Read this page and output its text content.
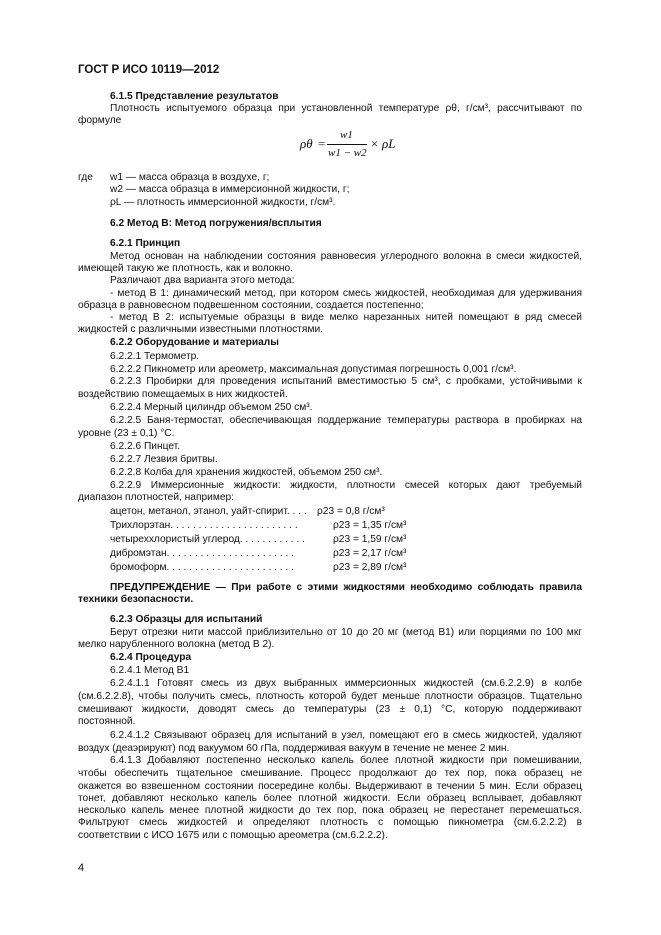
ГОСТ Р ИСО 10119—2012
6.1.5 Представление результатов
Плотность испытуемого образца при установленной температуре ρθ, г/см³, рассчитывают по
формуле
ρθ =
w1
w1 − w2
× ρL
где w1 — масса образца в воздухе, г;
w2 — масса образца в иммерсионной жидкости, г;
ρL — плотность иммерсионной жидкости, г/см³.
6.2 Метод В: Метод погружения/всплытия
6.2.1 Принцип
Метод основан на наблюдении состояния равновесия углеродного волокна в смеси жидкостей,
имеющей такую же плотность, как и волокно.
Различают два варианта этого метода:
- метод В 1: динамический метод, при котором смесь жидкостей, необходимая для удерживания
образца в равновесном подвешенном состоянии, создается постепенно;
- метод В 2: испытуемые образцы в виде мелко нарезанных нитей помещают в ряд смесей
жидкостей с различными известными плотностями.
6.2.2 Оборудование и материалы
6.2.2.1 Термометр.
6.2.2.2 Пикнометр или ареометр, максимальная допустимая погрешность 0,001 г/см³.
6.2.2.3 Пробирки для проведения испытаний вместимостью 5 см³, с пробками, устойчивыми к
воздействию помещаемых в них жидкостей.
6.2.2.4 Мерный цилиндр объемом 250 см³.
6.2.2.5 Баня-термостат, обеспечивающая поддержание температуры раствора в пробирках на
уровне (23 ± 0,1) °С.
6.2.2.6 Пинцет.
6.2.2.7 Лезвия бритвы.
6.2.2.8 Колба для хранения жидкостей, объемом 250 см³.
6.2.2.9 Иммерсионные жидкости: жидкости, плотности смесей которых дают требуемый
диапазон плотностей, например:
ацетон, метанол, этанол, уайт-спирит. . . . ρ23 = 0,8 г/см³
Трихлорэтан. . . . . . . . . . . . . . . . . . . . . . .	ρ23 = 1,35 г/см³
четыреххлористый углерод. . . . . . . . . . . .	ρ23 = 1,59 г/см³
дибромэтан. . . . . . . . . . . . . . . . . . . . . . .	ρ23 = 2,17 г/см³
бромоформ. . . . . . . . . . . . . . . . . . . . . . .	ρ23 = 2,89 г/см³
ПРЕДУПРЕЖДЕНИЕ — При работе с этими жидкостями необходимо соблюдать правила
техники безопасности.
6.2.3 Образцы для испытаний
Берут отрезки нити массой приблизительно от 10 до 20 мг (метод В1) или порциями по 100 мкг
мелко нарубленного волокна (метод В 2).
6.2.4 Процедура
6.2.4.1 Метод В1
6.2.4.1.1 Готовят смесь из двух выбранных иммерсионных жидкостей (см.6.2.2.9) в колбе
(см.6.2.2.8), чтобы получить смесь, плотность которой будет меньше плотности образцов. Тщательно
смешивают жидкости, доводят смесь до температуры (23 ± 0,1) °С, которую поддерживают
постоянной.
6.2.4.1.2 Связывают образец для испытаний в узел, помещают его в смесь жидкостей, удаляют
воздух (деаэрируют) под вакуумом 60 гПа, поддерживая вакуум в течение не менее 2 мин.
6.4.1.3 Добавляют постепенно несколько капель более плотной жидкости при помешивании,
чтобы обеспечить тщательное смешивание. Процесс продолжают до тех пор, пока образец не
окажется во взвешенном состоянии посередине колбы. Выдерживают в течении 5 мин. Если образец
тонет, добавляют несколько капель более плотной жидкости. Если образец всплывает, добавляют
несколько капель менее плотной жидкости до тех пор, пока образец не перестанет перемешаться.
Фильтруют смесь жидкостей и определяют плотность с помощью пикнометра (см.6.2.2.2) в
соответствии с ИСО 1675 или с помощью ареометра (см.6.2.2.2).
4
